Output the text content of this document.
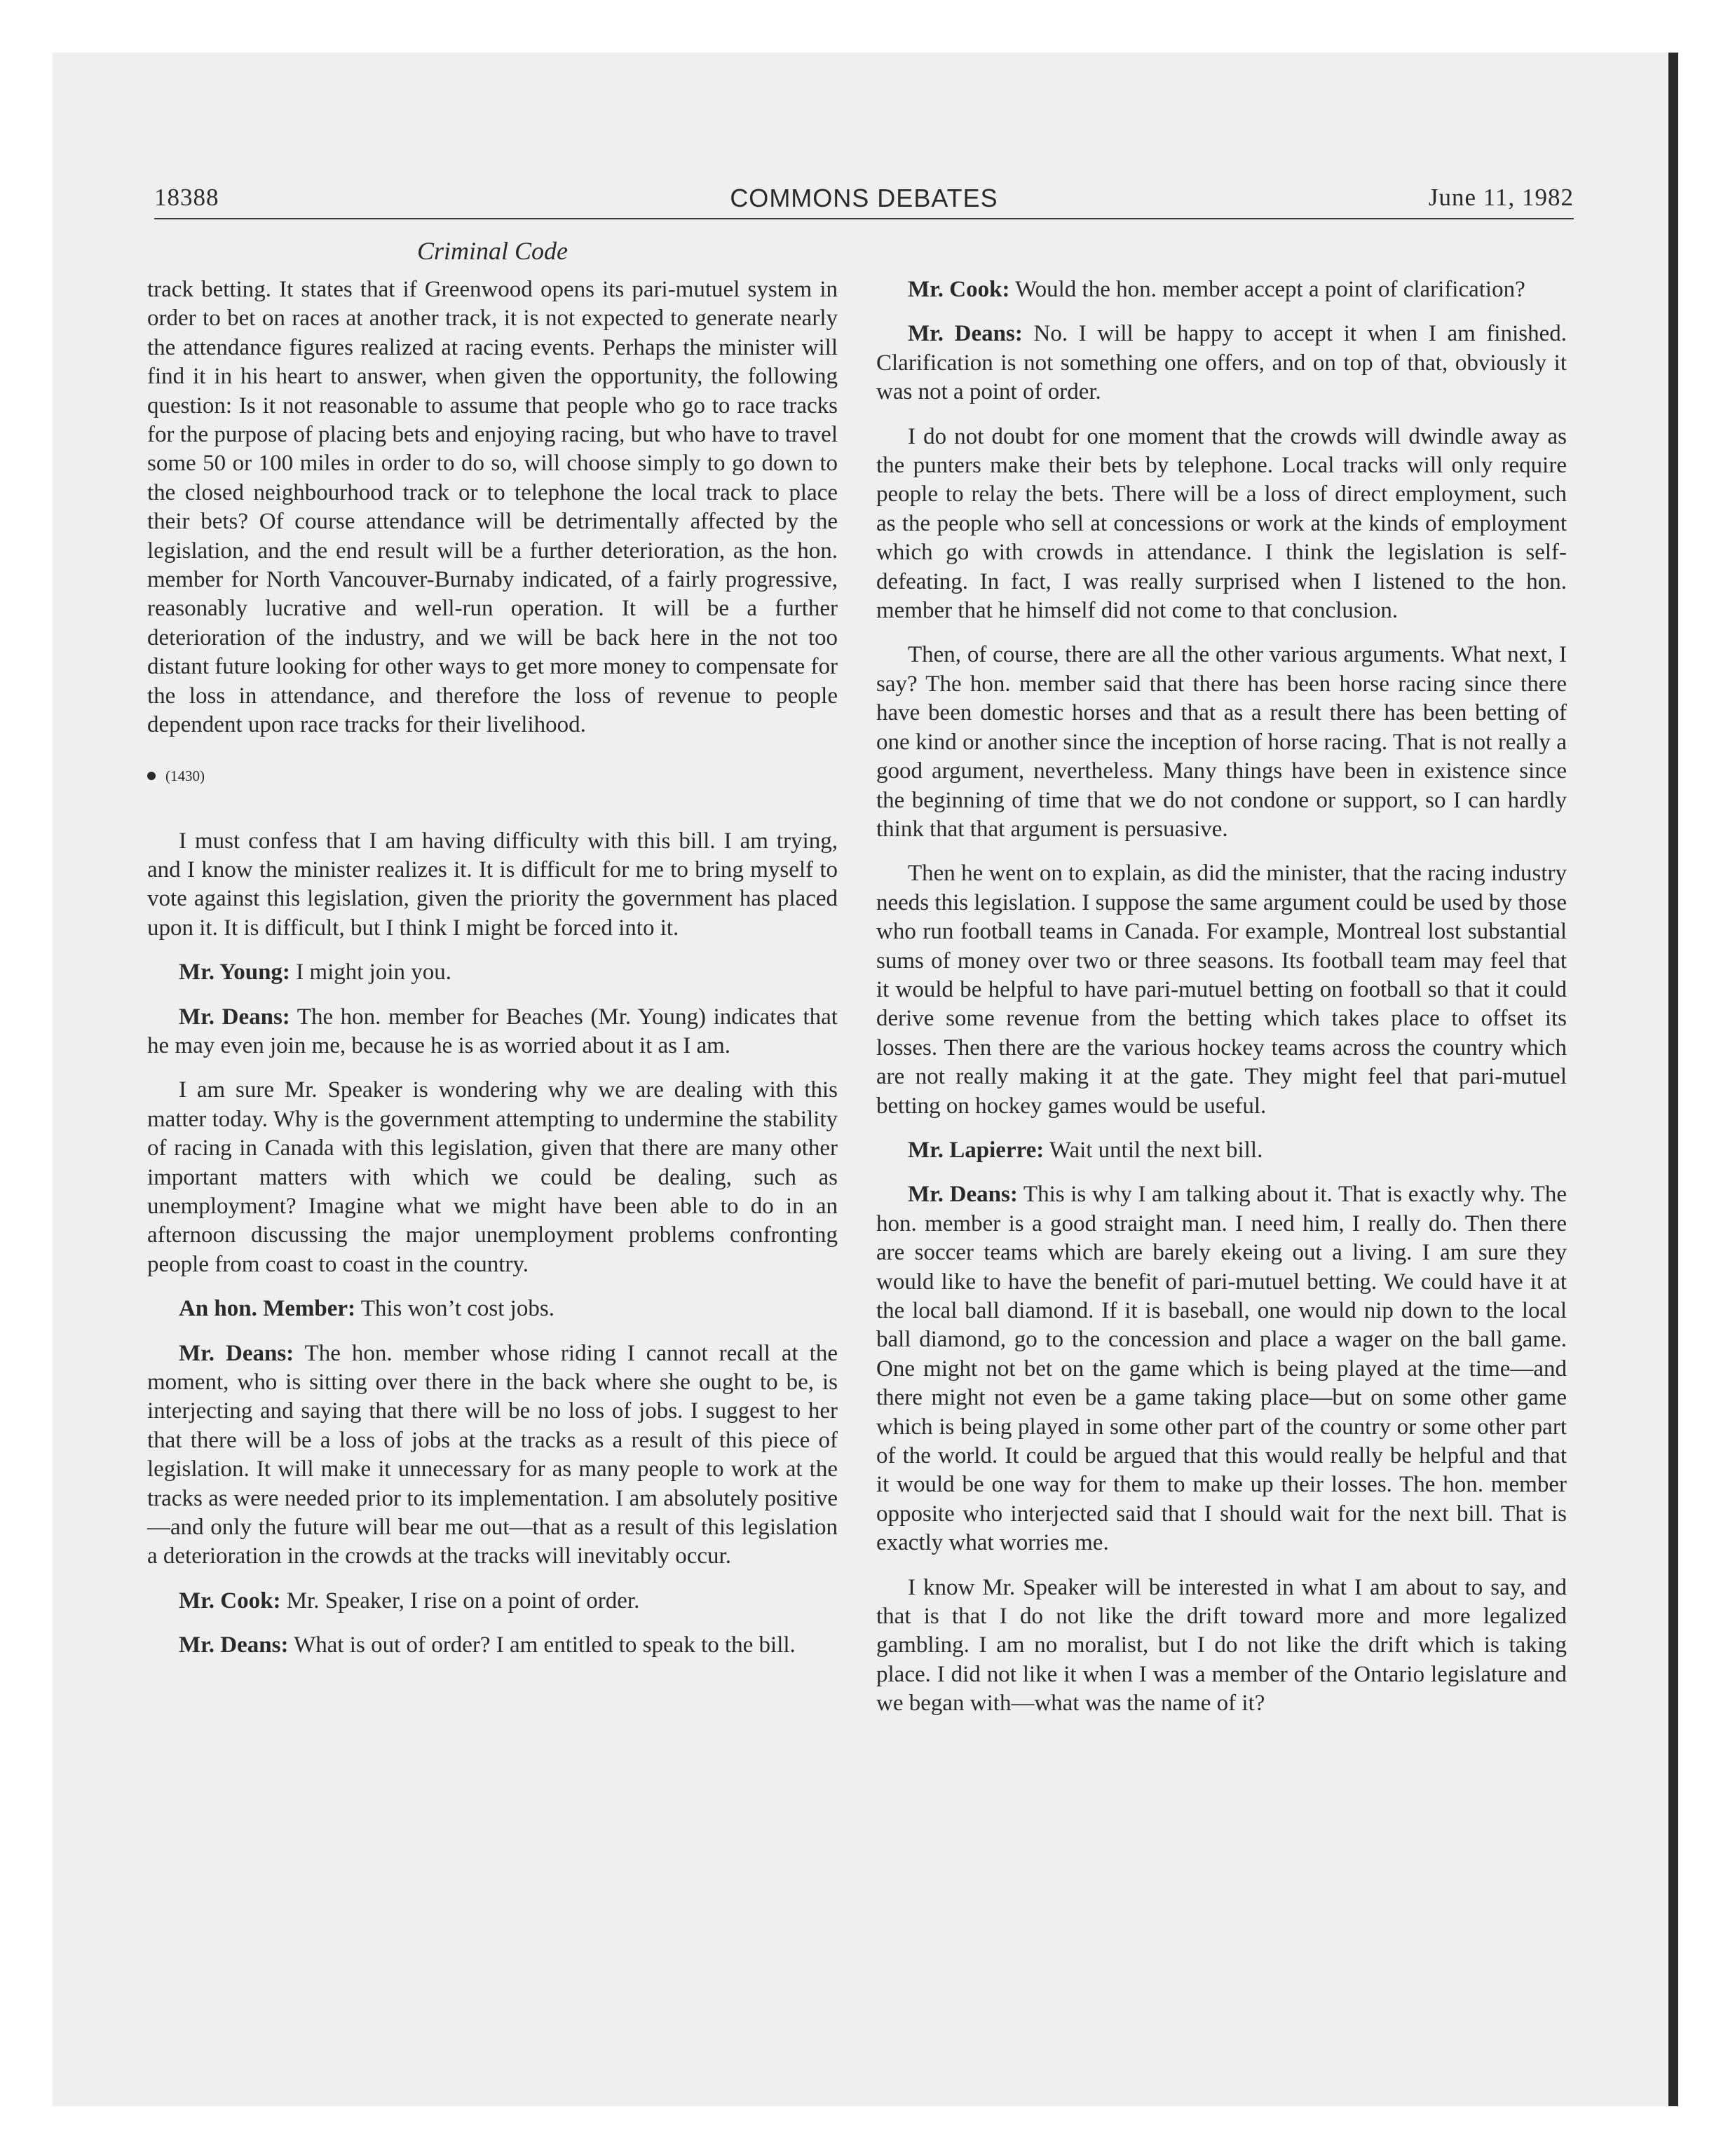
18388	COMMONS DEBATES	June 11, 1982
Criminal Code

track betting. It states that if Greenwood opens its pari-mutuel system in order to bet on races at another track, it is not expected to generate nearly the attendance figures realized at racing events. Perhaps the minister will find it in his heart to answer, when given the opportunity, the following question: Is it not reasonable to assume that people who go to race tracks for the purpose of placing bets and enjoying racing, but who have to travel some 50 or 100 miles in order to do so, will choose simply to go down to the closed neighbourhood track or to telephone the local track to place their bets? Of course attendance will be detrimentally affected by the legislation, and the end result will be a further deterioration, as the hon. member for North Vancouver-Burnaby indicated, of a fairly progressive, reasonably lucrative and well-run operation. It will be a further deterioration of the industry, and we will be back here in the not too distant future looking for other ways to get more money to compensate for the loss in attendance, and therefore the loss of revenue to people dependent upon race tracks for their livelihood.

(1430)

I must confess that I am having difficulty with this bill. I am trying, and I know the minister realizes it. It is difficult for me to bring myself to vote against this legislation, given the priority the government has placed upon it. It is difficult, but I think I might be forced into it.

Mr. Young: I might join you.

Mr. Deans: The hon. member for Beaches (Mr. Young) indicates that he may even join me, because he is as worried about it as I am.

I am sure Mr. Speaker is wondering why we are dealing with this matter today. Why is the government attempting to undermine the stability of racing in Canada with this legislation, given that there are many other important matters with which we could be dealing, such as unemployment? Imagine what we might have been able to do in an afternoon discussing the major unemployment problems confronting people from coast to coast in the country.

An hon. Member: This won’t cost jobs.

Mr. Deans: The hon. member whose riding I cannot recall at the moment, who is sitting over there in the back where she ought to be, is interjecting and saying that there will be no loss of jobs. I suggest to her that there will be a loss of jobs at the tracks as a result of this piece of legislation. It will make it unnecessary for as many people to work at the tracks as were needed prior to its implementation. I am absolutely positive—and only the future will bear me out—that as a result of this legislation a deterioration in the crowds at the tracks will inevitably occur.

Mr. Cook: Mr. Speaker, I rise on a point of order.

Mr. Deans: What is out of order? I am entitled to speak to the bill.

Mr. Cook: Would the hon. member accept a point of clarification?

Mr. Deans: No. I will be happy to accept it when I am finished. Clarification is not something one offers, and on top of that, obviously it was not a point of order.

I do not doubt for one moment that the crowds will dwindle away as the punters make their bets by telephone. Local tracks will only require people to relay the bets. There will be a loss of direct employment, such as the people who sell at concessions or work at the kinds of employment which go with crowds in attendance. I think the legislation is self-defeating. In fact, I was really surprised when I listened to the hon. member that he himself did not come to that conclusion.

Then, of course, there are all the other various arguments. What next, I say? The hon. member said that there has been horse racing since there have been domestic horses and that as a result there has been betting of one kind or another since the inception of horse racing. That is not really a good argument, nevertheless. Many things have been in existence since the beginning of time that we do not condone or support, so I can hardly think that that argument is persuasive.

Then he went on to explain, as did the minister, that the racing industry needs this legislation. I suppose the same argument could be used by those who run football teams in Canada. For example, Montreal lost substantial sums of money over two or three seasons. Its football team may feel that it would be helpful to have pari-mutuel betting on football so that it could derive some revenue from the betting which takes place to offset its losses. Then there are the various hockey teams across the country which are not really making it at the gate. They might feel that pari-mutuel betting on hockey games would be useful.

Mr. Lapierre: Wait until the next bill.

Mr. Deans: This is why I am talking about it. That is exactly why. The hon. member is a good straight man. I need him, I really do. Then there are soccer teams which are barely ekeing out a living. I am sure they would like to have the benefit of pari-mutuel betting. We could have it at the local ball diamond. If it is baseball, one would nip down to the local ball diamond, go to the concession and place a wager on the ball game. One might not bet on the game which is being played at the time—and there might not even be a game taking place—but on some other game which is being played in some other part of the country or some other part of the world. It could be argued that this would really be helpful and that it would be one way for them to make up their losses. The hon. member opposite who interjected said that I should wait for the next bill. That is exactly what worries me.

I know Mr. Speaker will be interested in what I am about to say, and that is that I do not like the drift toward more and more legalized gambling. I am no moralist, but I do not like the drift which is taking place. I did not like it when I was a member of the Ontario legislature and we began with—what was the name of it?
